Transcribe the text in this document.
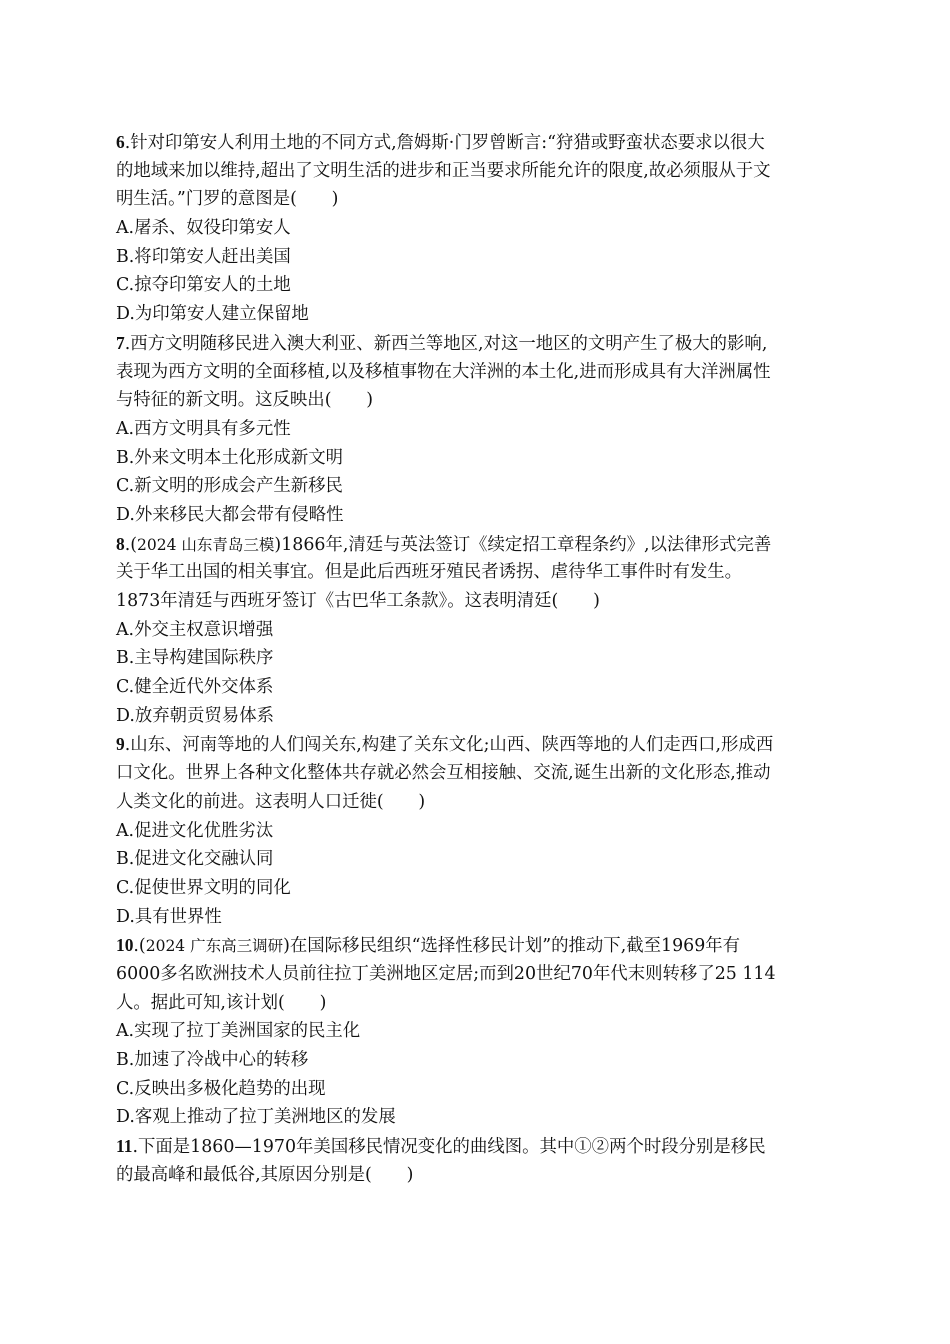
6.针对印第安人利用土地的不同方式,詹姆斯·门罗曾断言:“狩猎或野蛮状态要求以很大
的地域来加以维持,超出了文明生活的进步和正当要求所能允许的限度,故必须服从于文
明生活。”门罗的意图是(　　)
A.屠杀、奴役印第安人
B.将印第安人赶出美国
C.掠夺印第安人的土地
D.为印第安人建立保留地
7.西方文明随移民进入澳大利亚、新西兰等地区,对这一地区的文明产生了极大的影响,
表现为西方文明的全面移植,以及移植事物在大洋洲的本土化,进而形成具有大洋洲属性
与特征的新文明。这反映出(　　)
A.西方文明具有多元性
B.外来文明本土化形成新文明
C.新文明的形成会产生新移民
D.外来移民大都会带有侵略性
8.(2024 山东青岛三模)1866年,清廷与英法签订《续定招工章程条约》,以法律形式完善
关于华工出国的相关事宜。但是此后西班牙殖民者诱拐、虐待华工事件时有发生。
1873年清廷与西班牙签订《古巴华工条款》。这表明清廷(　　)
A.外交主权意识增强
B.主导构建国际秩序
C.健全近代外交体系
D.放弃朝贡贸易体系
9.山东、河南等地的人们闯关东,构建了关东文化;山西、陕西等地的人们走西口,形成西
口文化。世界上各种文化整体共存就必然会互相接触、交流,诞生出新的文化形态,推动
人类文化的前进。这表明人口迁徙(　　)
A.促进文化优胜劣汰
B.促进文化交融认同
C.促使世界文明的同化
D.具有世界性
10.(2024 广东高三调研)在国际移民组织“选择性移民计划”的推动下,截至1969年有
6000多名欧洲技术人员前往拉丁美洲地区定居;而到20世纪70年代末则转移了25 114
人。据此可知,该计划(　　)
A.实现了拉丁美洲国家的民主化
B.加速了冷战中心的转移
C.反映出多极化趋势的出现
D.客观上推动了拉丁美洲地区的发展
11.下面是1860—1970年美国移民情况变化的曲线图。其中①②两个时段分别是移民
的最高峰和最低谷,其原因分别是(　　)
